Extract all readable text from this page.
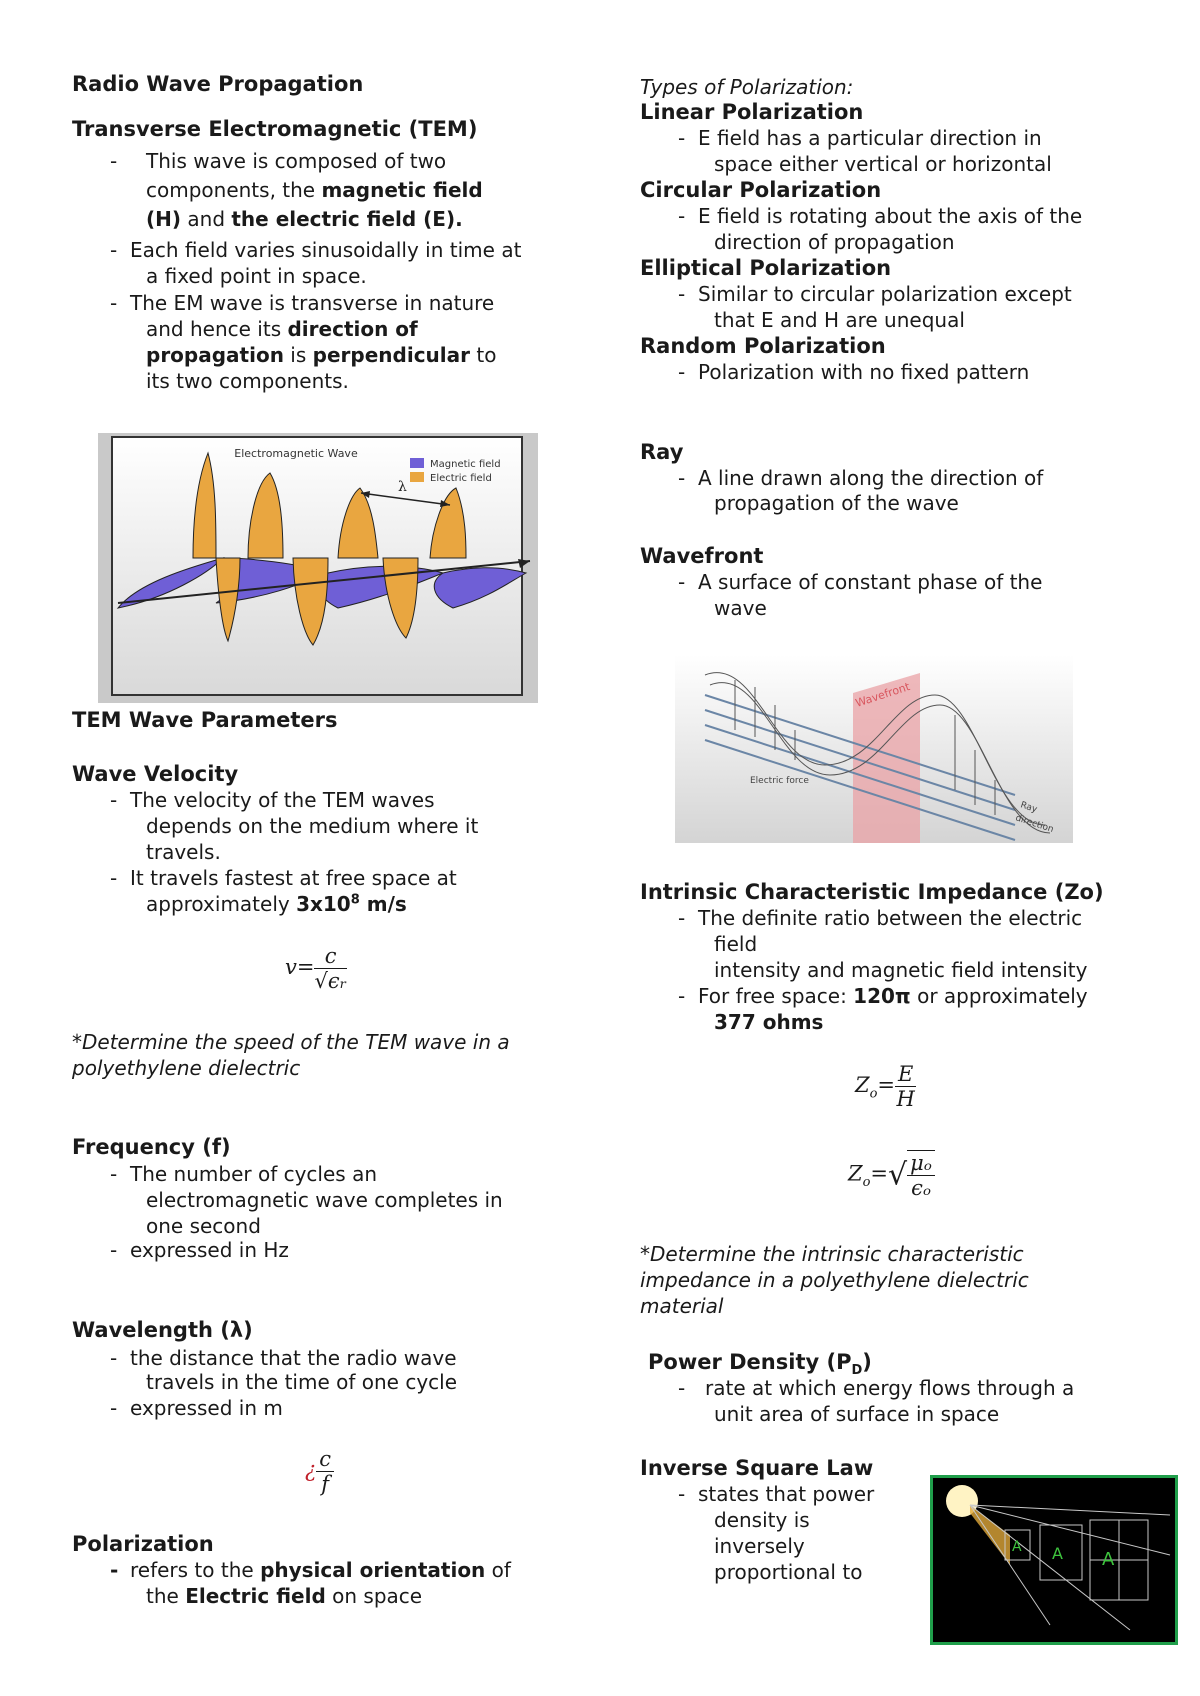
Radio Wave Propagation
Transverse Electromagnetic (TEM)
- This wave is composed of two
components, the magnetic field
(H) and the electric field (E).
- Each field varies sinusoidally in time at
a fixed point in space.
- The EM wave is transverse in nature
and hence its direction of
propagation is perpendicular to
its two components.
Electromagnetic Wave
Magnetic field
Electric field
λ
TEM Wave Parameters
Wave Velocity
- The velocity of the TEM waves
depends on the medium where it
travels.
- It travels fastest at free space at
approximately $3x10^8$ m/s
$v= \frac{c}{\text{√ϵᵣ}}$
*Determine the speed of the TEM wave in a
polyethylene dielectric
Frequency (f)
- The number of cycles an
electromagnetic wave completes in
one second
- expressed in Hz
Wavelength (λ)
- the distance that the radio wave
travels in the time of one cycle
- expressed in m
¿ $\frac{c}{f}$
Polarization
- refers to the physical orientation of
the Electric field on space
Types of Polarization:
Linear Polarization
- E field has a particular direction in
space either vertical or horizontal
Circular Polarization
- E field is rotating about the axis of the
direction of propagation
Elliptical Polarization
- Similar to circular polarization except
that E and H are unequal
Random Polarization
- Polarization with no fixed pattern
Ray
- A line drawn along the direction of
propagation of the wave
Wavefront
- A surface of constant phase of the
wave
Wavefront
Electric force
Ray
direction
Intrinsic Characteristic Impedance (Zo)
- The definite ratio between the electric
field
intensity and magnetic field intensity
- For free space: 120π or approximately
377 ohms
$Z_o= \frac{E}{H}$
$Z_o=√ \frac{\text{μₒ}}{\text{ϵₒ}}$
*Determine the intrinsic characteristic
impedance in a polyethylene dielectric
material
Power Density $(P_D)$
- rate at which energy flows through a
unit area of surface in space
Inverse Square Law
- states that power
density is
inversely
proportional to
A A A
